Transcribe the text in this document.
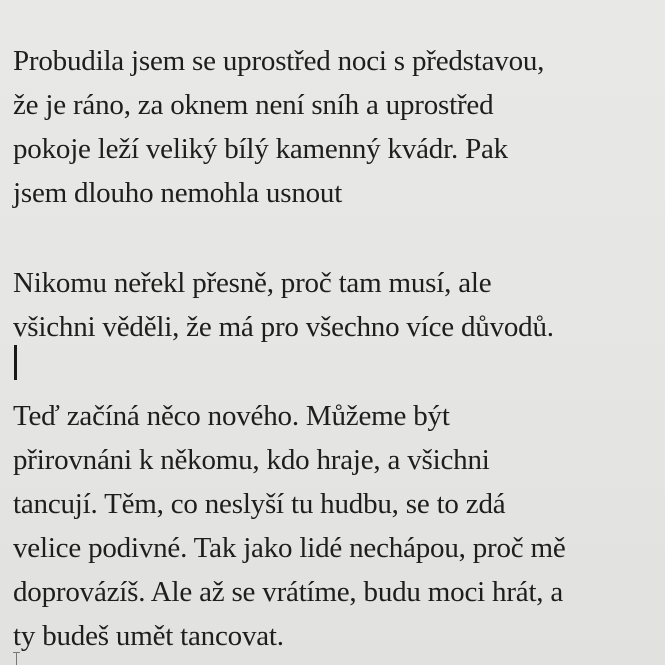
Probudila jsem se uprostřed noci s představou,
že je ráno, za oknem není sníh a uprostřed
pokoje leží veliký bílý kamenný kvádr. Pak
jsem dlouho nemohla usnout

Nikomu neřekl přesně, proč tam musí, ale
všichni věděli, že má pro všechno více důvodů.

Teď začíná něco nového. Můžeme být
přirovnáni k někomu, kdo hraje, a všichni
tancují. Těm, co neslyší tu hudbu, se to zdá
velice podivné. Tak jako lidé nechápou, proč mě
doprovázíš. Ale až se vrátíme, budu moci hrát, a
ty budeš umět tancovat.
